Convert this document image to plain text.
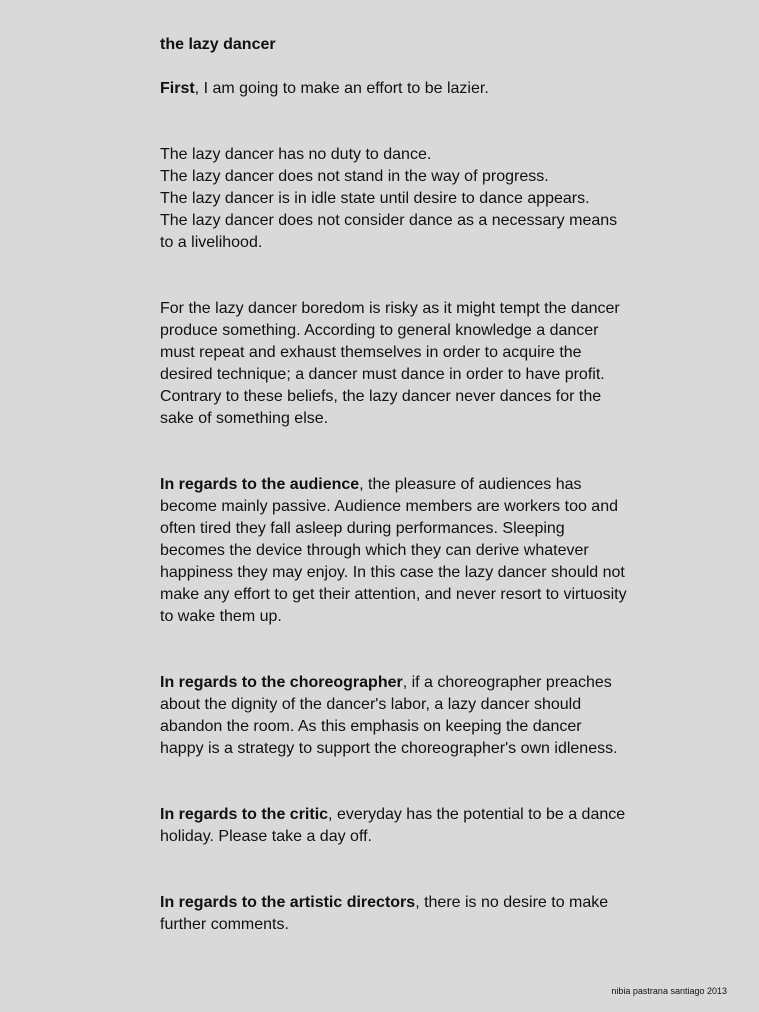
the lazy dancer

First, I am going to make an effort to be lazier.

The lazy dancer has no duty to dance.
The lazy dancer does not stand in the way of progress.
The lazy dancer is in idle state until desire to dance appears.
The lazy dancer does not consider dance as a necessary means
to a livelihood.

For the lazy dancer boredom is risky as it might tempt the dancer
produce something. According to general knowledge a dancer
must repeat and exhaust themselves in order to acquire the
desired technique; a dancer must dance in order to have profit.
Contrary to these beliefs, the lazy dancer never dances for the
sake of something else.

In regards to the audience, the pleasure of audiences has
become mainly passive. Audience members are workers too and
often tired they fall asleep during performances. Sleeping
becomes the device through which they can derive whatever
happiness they may enjoy. In this case the lazy dancer should not
make any effort to get their attention, and never resort to virtuosity
to wake them up.

In regards to the choreographer, if a choreographer preaches
about the dignity of the dancer's labor, a lazy dancer should
abandon the room. As this emphasis on keeping the dancer
happy is a strategy to support the choreographer's own idleness.

In regards to the critic, everyday has the potential to be a dance
holiday. Please take a day off.

In regards to the artistic directors, there is no desire to make
further comments.

nibia pastrana santiago 2013
